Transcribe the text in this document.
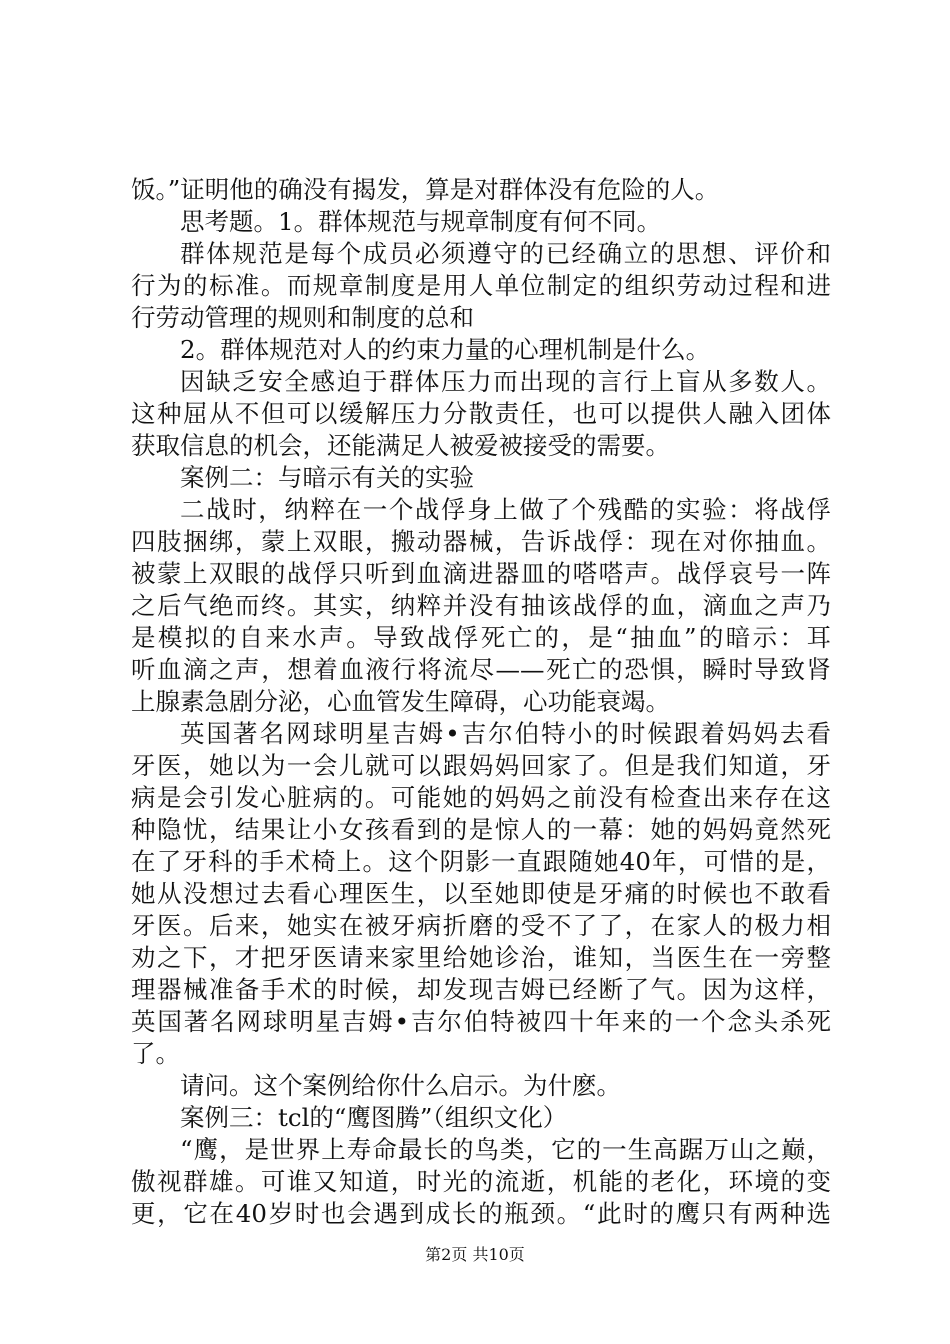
饭。”证明他的确没有揭发，算是对群体没有危险的人。
思考题。1。群体规范与规章制度有何不同。
群体规范是每个成员必须遵守的已经确立的思想、评价和
行为的标准。而规章制度是用人单位制定的组织劳动过程和进
行劳动管理的规则和制度的总和
2。群体规范对人的约束力量的心理机制是什么。
因缺乏安全感迫于群体压力而出现的言行上盲从多数人。
这种屈从不但可以缓解压力分散责任，也可以提供人融入团体
获取信息的机会，还能满足人被爱被接受的需要。
案例二：与暗示有关的实验
二战时，纳粹在一个战俘身上做了个残酷的实验：将战俘
四肢捆绑，蒙上双眼，搬动器械，告诉战俘：现在对你抽血。
被蒙上双眼的战俘只听到血滴进器皿的嗒嗒声。战俘哀号一阵
之后气绝而终。其实，纳粹并没有抽该战俘的血，滴血之声乃
是模拟的自来水声。导致战俘死亡的，是“抽血”的暗示：耳
听血滴之声，想着血液行将流尽——死亡的恐惧，瞬时导致肾
上腺素急剧分泌，心血管发生障碍，心功能衰竭。
英国著名网球明星吉姆•吉尔伯特小的时候跟着妈妈去看
牙医，她以为一会儿就可以跟妈妈回家了。但是我们知道，牙
病是会引发心脏病的。可能她的妈妈之前没有检查出来存在这
种隐忧，结果让小女孩看到的是惊人的一幕：她的妈妈竟然死
在了牙科的手术椅上。这个阴影一直跟随她40年，可惜的是，
她从没想过去看心理医生，以至她即使是牙痛的时候也不敢看
牙医。后来，她实在被牙病折磨的受不了了，在家人的极力相
劝之下，才把牙医请来家里给她诊治，谁知，当医生在一旁整
理器械准备手术的时候，却发现吉姆已经断了气。因为这样，
英国著名网球明星吉姆•吉尔伯特被四十年来的一个念头杀死
了。
请问。这个案例给你什么启示。为什麽。
案例三：tcl的“鹰图腾”（组织文化）
“鹰，是世界上寿命最长的鸟类，它的一生高踞万山之巅，
傲视群雄。可谁又知道，时光的流逝，机能的老化，环境的变
更，它在40岁时也会遇到成长的瓶颈。“此时的鹰只有两种选
第2页 共10页
